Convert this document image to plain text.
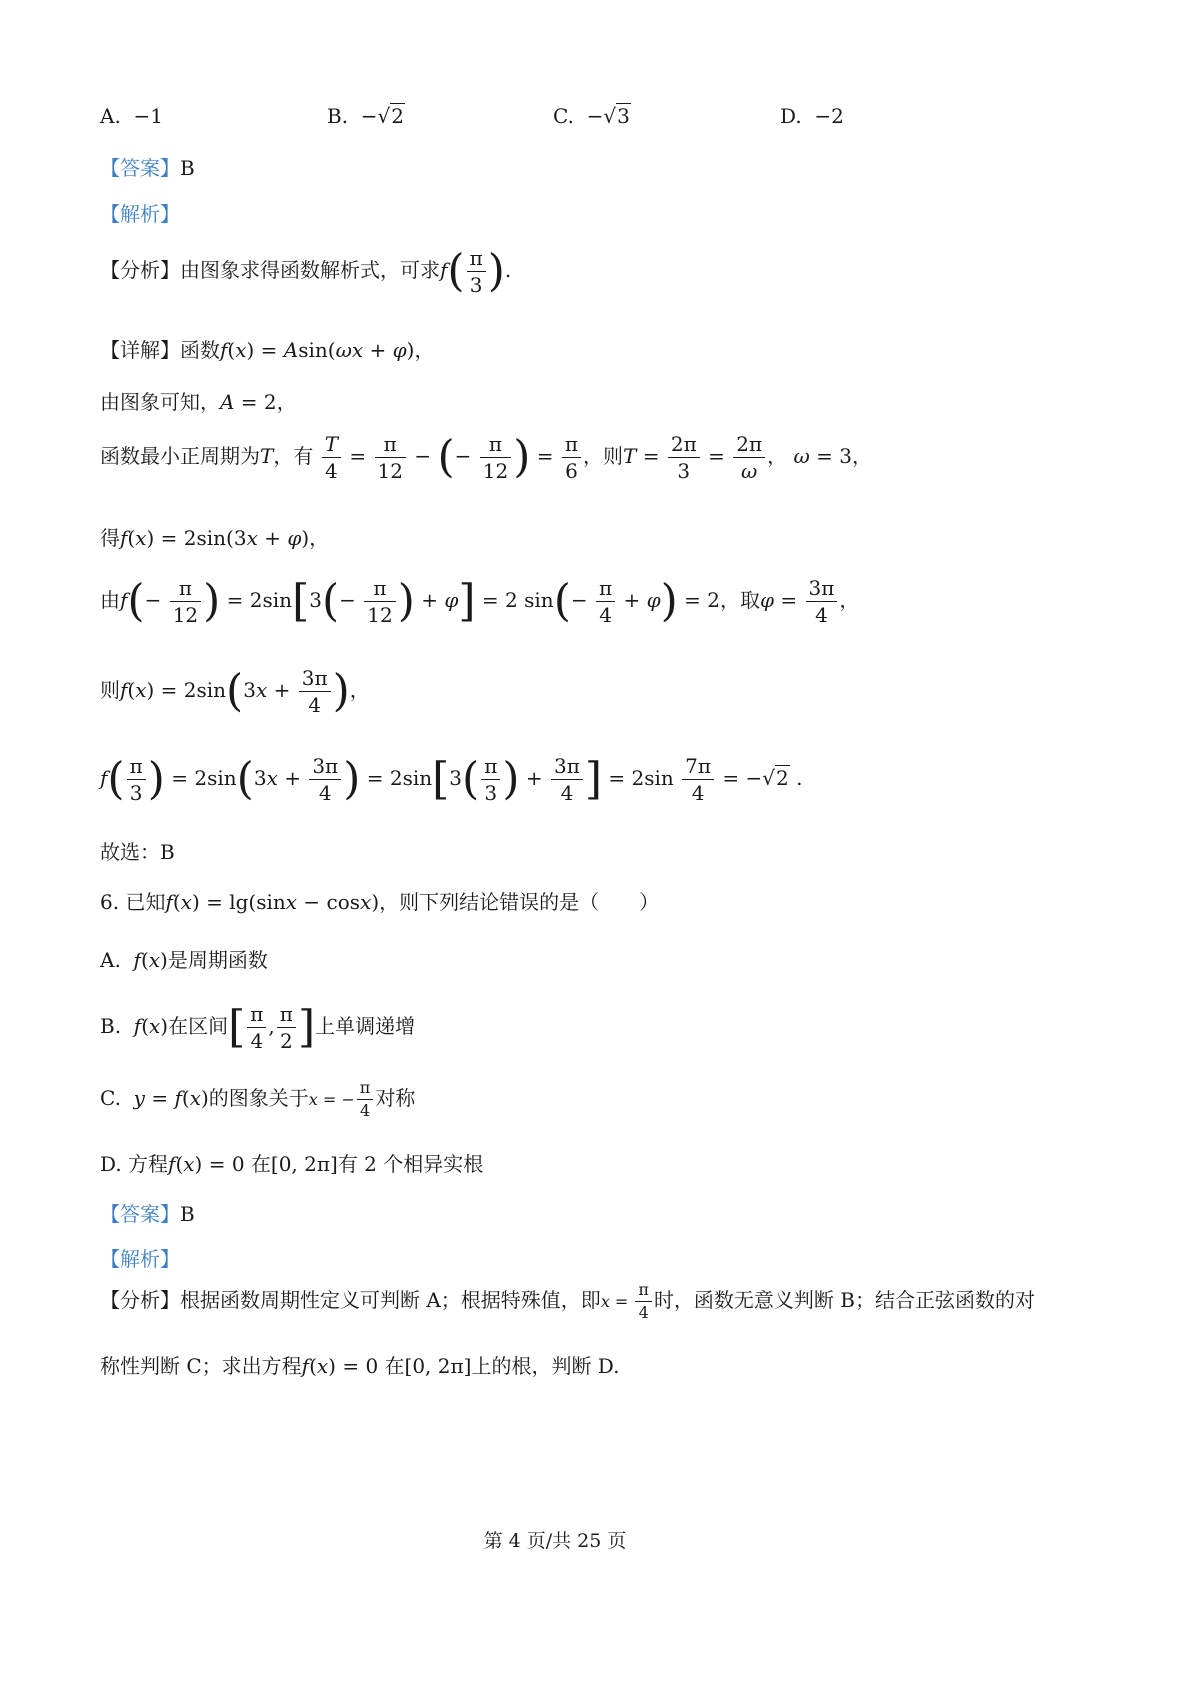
A. −1	B.  −√2	C.  −√3	D. −2
【答案】B
【解析】
【分析】由图象求得函数解析式，可求$f( \frac{\pi}{3}$ ).
【详解】函数f(x) = Asin(ωx + φ)，
由图象可知，A = 2，
函数最小正周期为T，有 $\frac{T}{4} = \frac{\pi}{12}$ − (− $\frac{\pi}{12}$ ) = $\frac{\pi}{6}$ ，则$T = \frac{2\pi}{3} = \frac{2\pi}{\omega}$ ， ω = 3，
得f(x) = 2sin(3x + φ)，
由$f(- \frac{\pi}{12}$ ) = $2\sin[3(- \frac{\pi}{12}$ ) + φ] = 2 $\sin(- \frac{\pi}{4} + \varphi) = 2$，取$\varphi = \frac{3\pi}{4}$ ，
则$f(x) = 2\sin(3x + \frac{3\pi}{4}$ )，
$f( \frac{\pi}{3}$ ) = $2\sin(3x + \frac{3\pi}{4}$ ) = $2\sin[3( \frac{\pi}{3}$ ) + $\frac{3\pi}{4}$ ] = $2\sin \frac{7\pi}{4} = -√2$ .
故选：B
6. 已知f(x) = lg(sinx − cosx)，则下列结论错误的是（　　）
A. f(x)是周期函数
B. f(x)在区间[ $\frac{\pi}{4}$ , $\frac{\pi}{2}$ ]上单调递增
C. y = f(x)的图象关于x = − $\frac{\pi}{4}$ 对称
D. 方程f(x) = 0 在[0, 2π]有 2 个相异实根
【答案】B
【解析】
【分析】根据函数周期性定义可判断 A；根据特殊值，即$x = \frac{\pi}{4}$ 时，函数无意义判断 B；结合正弦函数的对
称性判断 C；求出方程f(x) = 0 在[0, 2π]上的根，判断 D.
第 4 页/共 25 页
